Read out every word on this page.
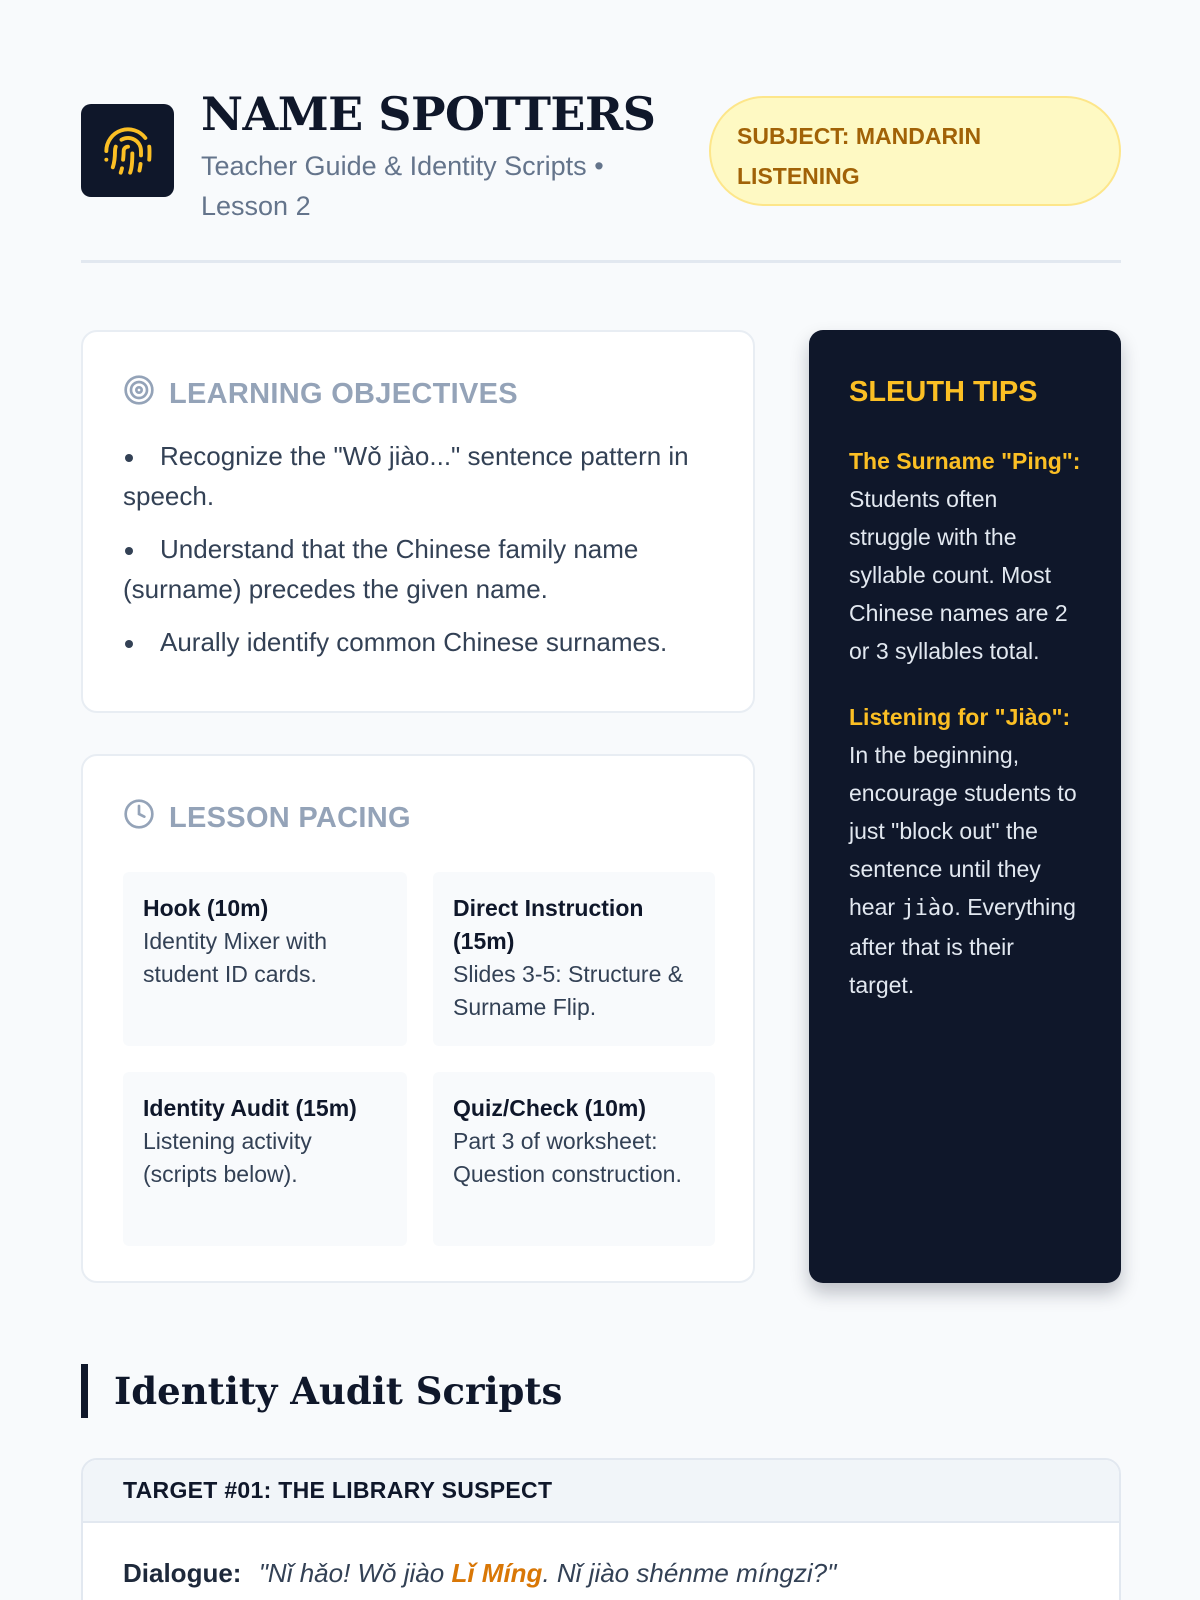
NAME SPOTTERS
Teacher Guide & Identity Scripts • Lesson 2
SUBJECT: MANDARIN LISTENING
LEARNING OBJECTIVES
Recognize the "Wǒ jiào..." sentence pattern in speech.
Understand that the Chinese family name (surname) precedes the given name.
Aurally identify common Chinese surnames.
LESSON PACING
Hook (10m)
Identity Mixer with student ID cards.
Direct Instruction (15m)
Slides 3-5: Structure & Surname Flip.
Identity Audit (15m)
Listening activity (scripts below).
Quiz/Check (10m)
Part 3 of worksheet: Question construction.
SLEUTH TIPS

The Surname "Ping": Students often struggle with the syllable count. Most Chinese names are 2 or 3 syllables total.

Listening for "Jiào": In the beginning, encourage students to just "block out" the sentence until they hear jiào. Everything after that is their target.

Identity Audit Scripts
TARGET #01: THE LIBRARY SUSPECT
Dialogue: "Nǐ hǎo! Wǒ jiào Lǐ Míng. Nǐ jiào shénme míngzi?"
